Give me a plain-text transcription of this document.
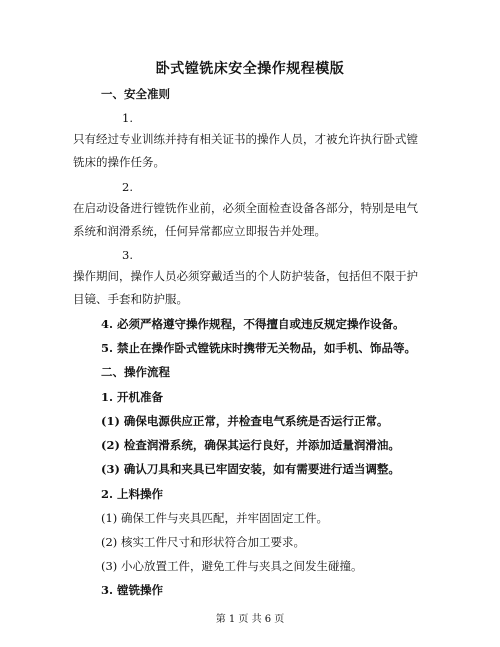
卧式镗铣床安全操作规程模版
一、安全准则
1.
只有经过专业训练并持有相关证书的操作人员，才被允许执行卧式镗
铣床的操作任务。
2.
在启动设备进行镗铣作业前，必须全面检查设备各部分，特别是电气
系统和润滑系统，任何异常都应立即报告并处理。
3.
操作期间，操作人员必须穿戴适当的个人防护装备，包括但不限于护
目镜、手套和防护服。
4. 必须严格遵守操作规程，不得擅自或违反规定操作设备。
5. 禁止在操作卧式镗铣床时携带无关物品，如手机、饰品等。
二、操作流程
1. 开机准备
(1) 确保电源供应正常，并检查电气系统是否运行正常。
(2) 检查润滑系统，确保其运行良好，并添加适量润滑油。
(3) 确认刀具和夹具已牢固安装，如有需要进行适当调整。
2. 上料操作
(1) 确保工件与夹具匹配，并牢固固定工件。
(2) 核实工件尺寸和形状符合加工要求。
(3) 小心放置工件，避免工件与夹具之间发生碰撞。
3. 镗铣操作
第 1 页 共 6 页
